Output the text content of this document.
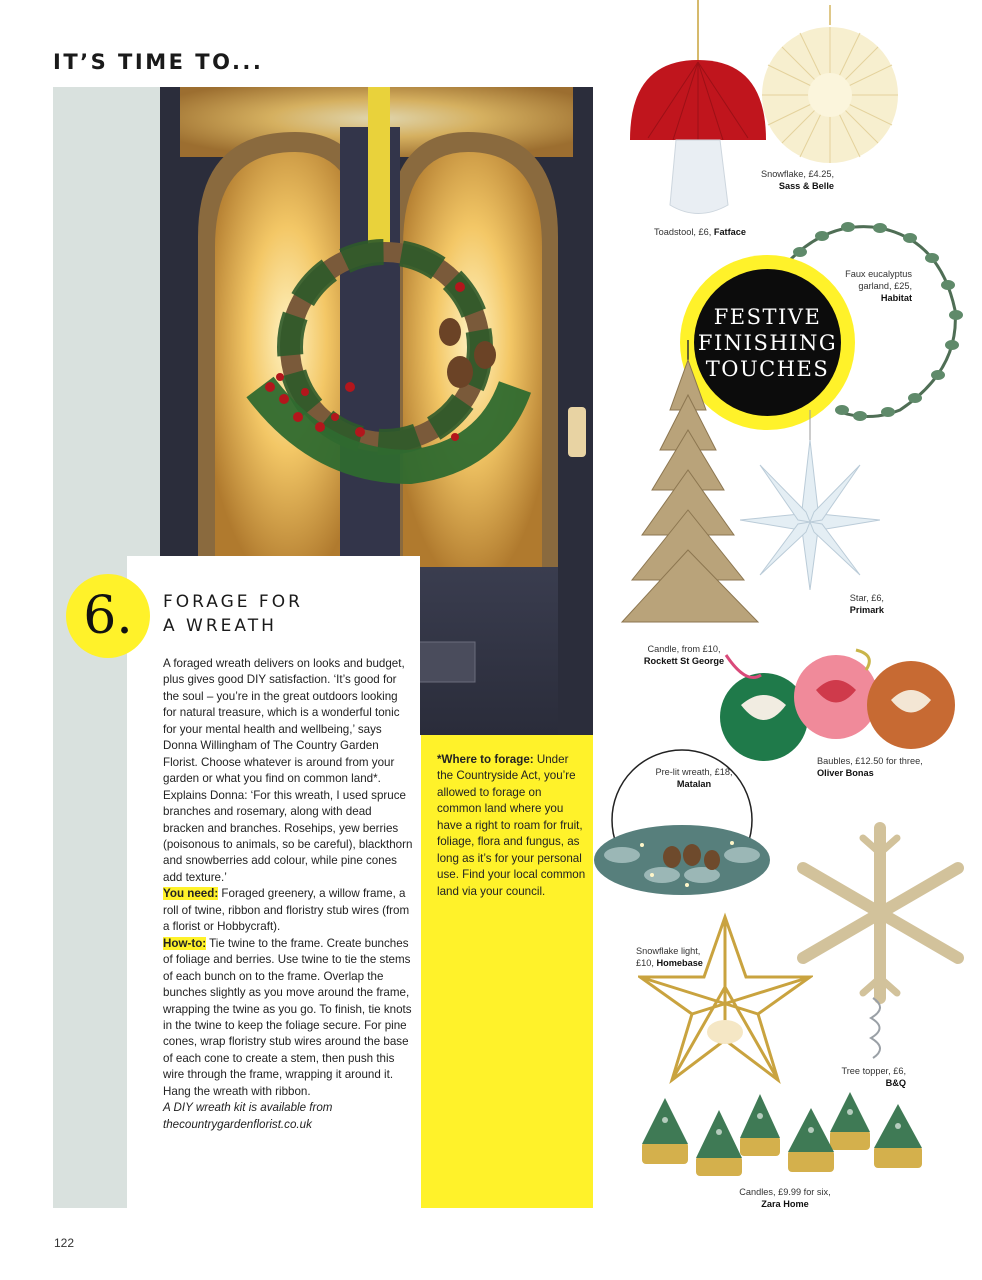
IT’S TIME TO...
6.	FORAGE FOR
A WREATH

A foraged wreath delivers on looks and budget, plus gives good DIY satisfaction. ‘It’s good for the soul – you’re in the great outdoors looking for natural treasure, which is a wonderful tonic for your mental health and wellbeing,’ says Donna Willingham of The Country Garden Florist. Choose whatever is around from your garden or what you find on common land*. Explains Donna: ‘For this wreath, I used spruce branches and rosemary, along with dead bracken and branches. Rosehips, yew berries (poisonous to animals, so be careful), blackthorn and snowberries add colour, while pine cones add texture.’

You need: Foraged greenery, a willow frame, a roll of twine, ribbon and floristry stub wires (from a florist or Hobbycraft).

How-to: Tie twine to the frame. Create bunches of foliage and berries. Use twine to tie the stems of each bunch on to the frame. Overlap the bunches slightly as you move around the frame, wrapping the twine as you go. To finish, tie knots in the twine to keep the foliage secure. For pine cones, wrap floristry stub wires around the base of each cone to create a stem, then push this wire through the frame, wrapping it around it. Hang the wreath with ribbon.

A DIY wreath kit is available from thecountrygardenflorist.co.uk

*Where to forage: Under the Countryside Act, you’re allowed to forage on common land where you have a right to roam for fruit, foliage, flora and fungus, as long as it’s for your personal use. Find your local common land via your council.
122
FESTIVE
FINISHING
TOUCHES
Snowflake, £4.25,
Sass & Belle
Toadstool, £6, Fatface
Faux eucalyptus garland, £25,
Habitat
Star, £6,
Primark
Candle, from £10,
Rockett St George
Baubles, £12.50 for three, Oliver Bonas
Pre-lit wreath, £18, Matalan
Snowflake light, £10, Homebase
Tree topper, £6, B&Q
Candles, £9.99 for six,
Zara Home
